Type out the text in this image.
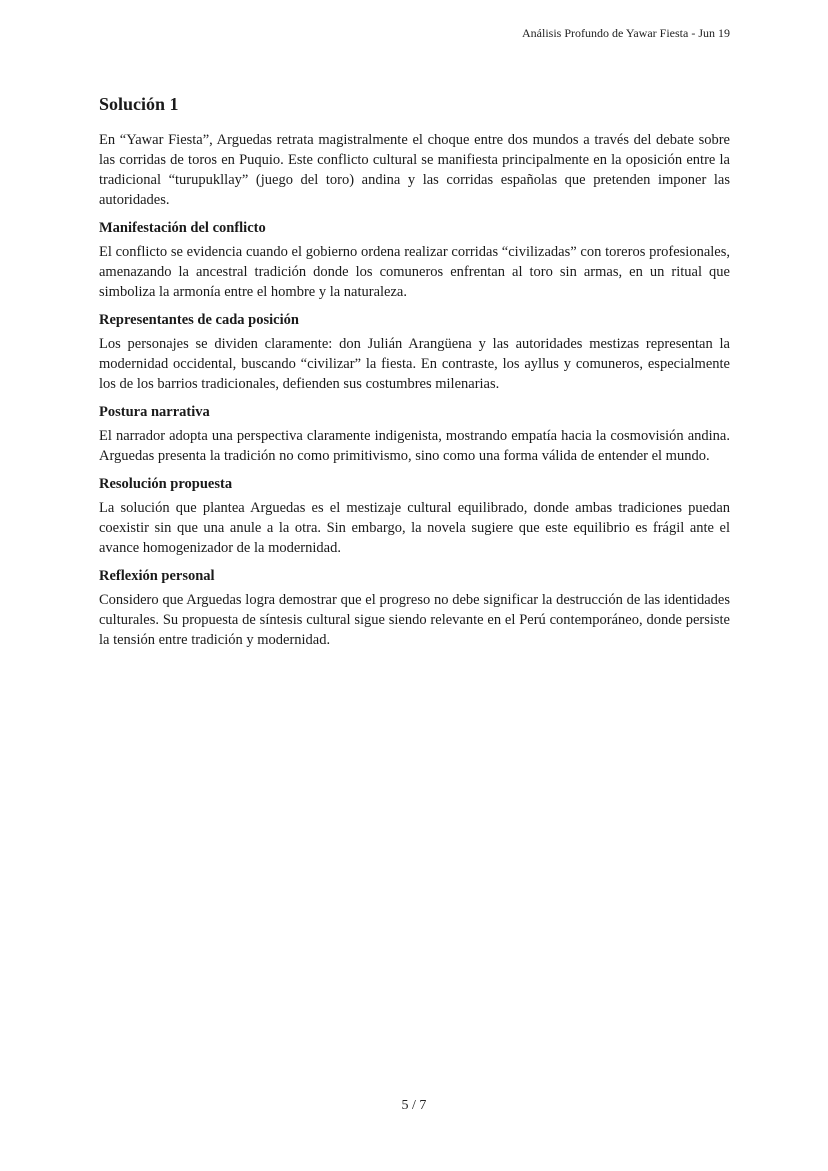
Análisis Profundo de Yawar Fiesta - Jun 19
Solución 1

En “Yawar Fiesta”, Arguedas retrata magistralmente el choque entre dos mundos a través del debate sobre las corridas de toros en Puquio. Este conflicto cultural se manifiesta principalmente en la oposición entre la tradicional “turupukllay” (juego del toro) andina y las corridas españolas que pretenden imponer las autoridades.

Manifestación del conflicto

El conflicto se evidencia cuando el gobierno ordena realizar corridas “civilizadas” con toreros profesionales, amenazando la ancestral tradición donde los comuneros enfrentan al toro sin armas, en un ritual que simboliza la armonía entre el hombre y la naturaleza.

Representantes de cada posición

Los personajes se dividen claramente: don Julián Arangüena y las autoridades mestizas representan la modernidad occidental, buscando “civilizar” la fiesta. En contraste, los ayllus y comuneros, especialmente los de los barrios tradicionales, defienden sus costumbres milenarias.

Postura narrativa

El narrador adopta una perspectiva claramente indigenista, mostrando empatía hacia la cosmovisión andina. Arguedas presenta la tradición no como primitivismo, sino como una forma válida de entender el mundo.

Resolución propuesta

La solución que plantea Arguedas es el mestizaje cultural equilibrado, donde ambas tradiciones puedan coexistir sin que una anule a la otra. Sin embargo, la novela sugiere que este equilibrio es frágil ante el avance homogenizador de la modernidad.

Reflexión personal

Considero que Arguedas logra demostrar que el progreso no debe significar la destrucción de las identidades culturales. Su propuesta de síntesis cultural sigue siendo relevante en el Perú contemporáneo, donde persiste la tensión entre tradición y modernidad.

5 / 7
